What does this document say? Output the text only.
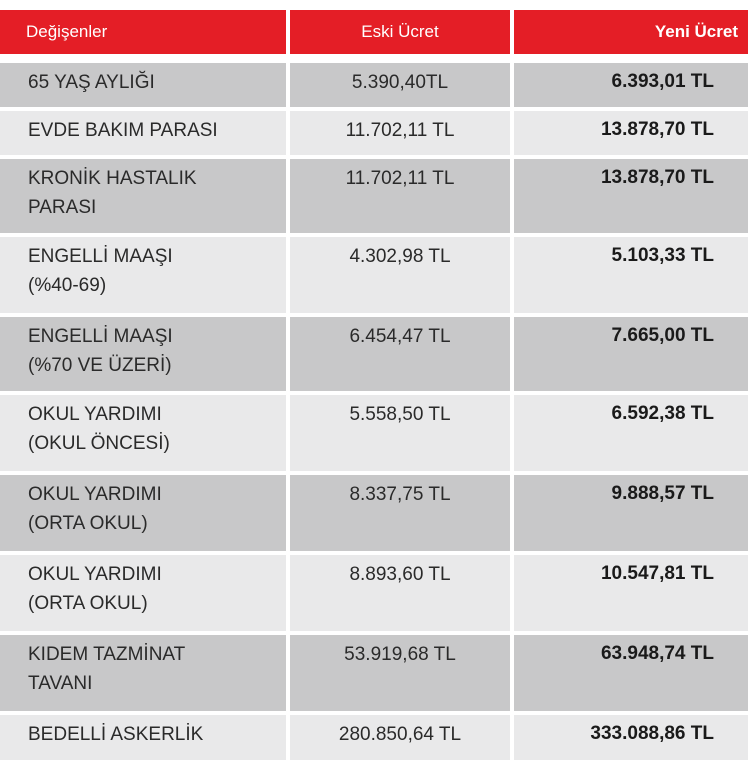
Değişenler	Eski Ücret	Yeni Ücret
65 YAŞ AYLIĞI	5.390,40TL	6.393,01 TL
EVDE BAKIM PARASI	11.702,11 TL	13.878,70 TL
KRONİK HASTALIK
PARASI
11.702,11 TL	13.878,70 TL
ENGELLİ MAAŞI
(%40-69)
4.302,98 TL	5.103,33 TL
ENGELLİ MAAŞI
(%70 VE ÜZERİ)
6.454,47 TL	7.665,00 TL
OKUL YARDIMI
(OKUL ÖNCESİ)
5.558,50 TL	6.592,38 TL
OKUL YARDIMI
(ORTA OKUL)
8.337,75 TL	9.888,57 TL
OKUL YARDIMI
(ORTA OKUL)
8.893,60 TL	10.547,81 TL
KIDEM TAZMİNAT
TAVANI
53.919,68 TL	63.948,74 TL
BEDELLİ ASKERLİK	280.850,64 TL	333.088,86 TL
